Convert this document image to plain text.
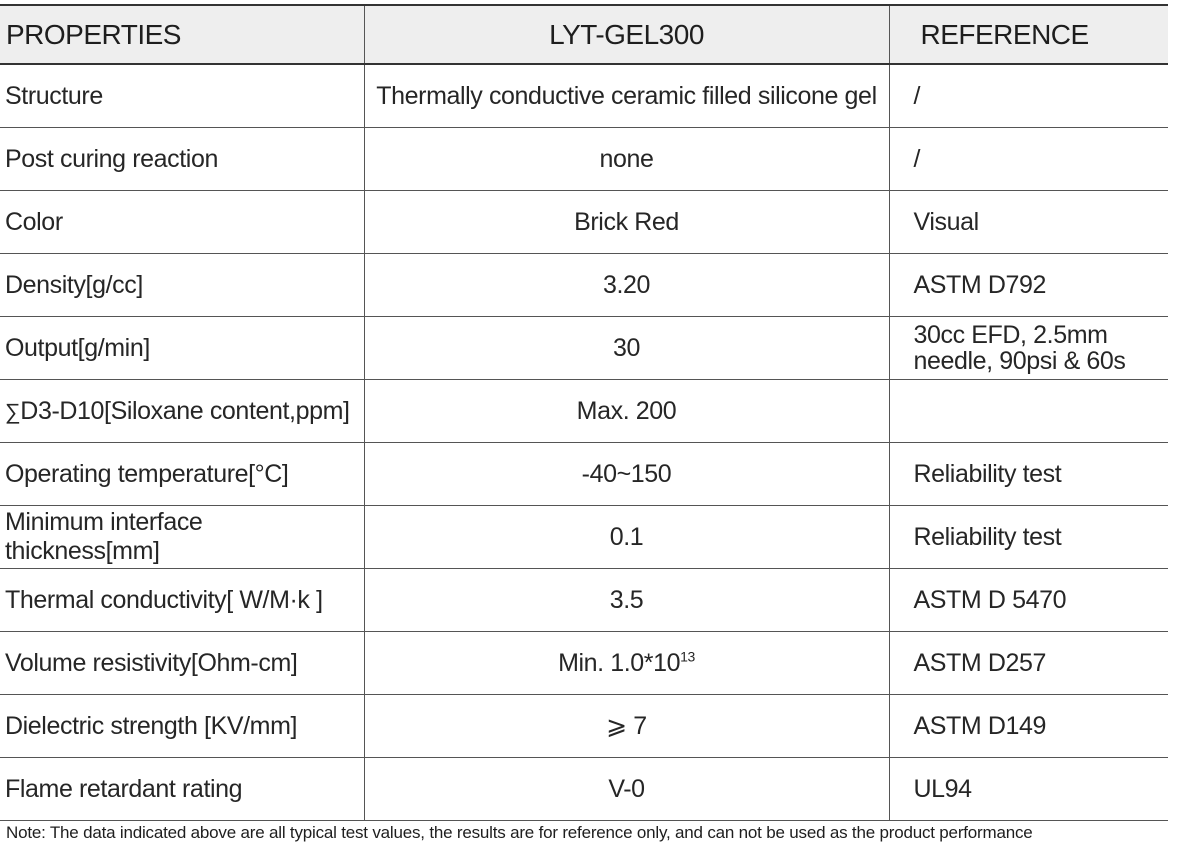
PROPERTIES	LYT-GEL300	REFERENCE
Structure	Thermally conductive ceramic filled silicone gel	/
Post curing reaction	none	/
Color	Brick Red	Visual
Density[g/cc]	3.20	ASTM D792
Output[g/min]	30	30cc EFD, 2.5mm needle, 90psi & 60s
∑D3-D10[Siloxane content,ppm]	Max. 200	
Operating temperature[°C]	-40~150	Reliability test
Minimum interface thickness[mm]	0.1	Reliability test
Thermal conductivity[ W/M·k ]	3.5	ASTM D 5470
Volume resistivity[Ohm-cm]	Min. $1.0*10^{13}$	ASTM D257
Dielectric strength [KV/mm]	⩾ 7	ASTM D149
Flame retardant rating	V-0	UL94
Note: The data indicated above are all typical test values, the results are for reference only, and can not be used as the product performance
